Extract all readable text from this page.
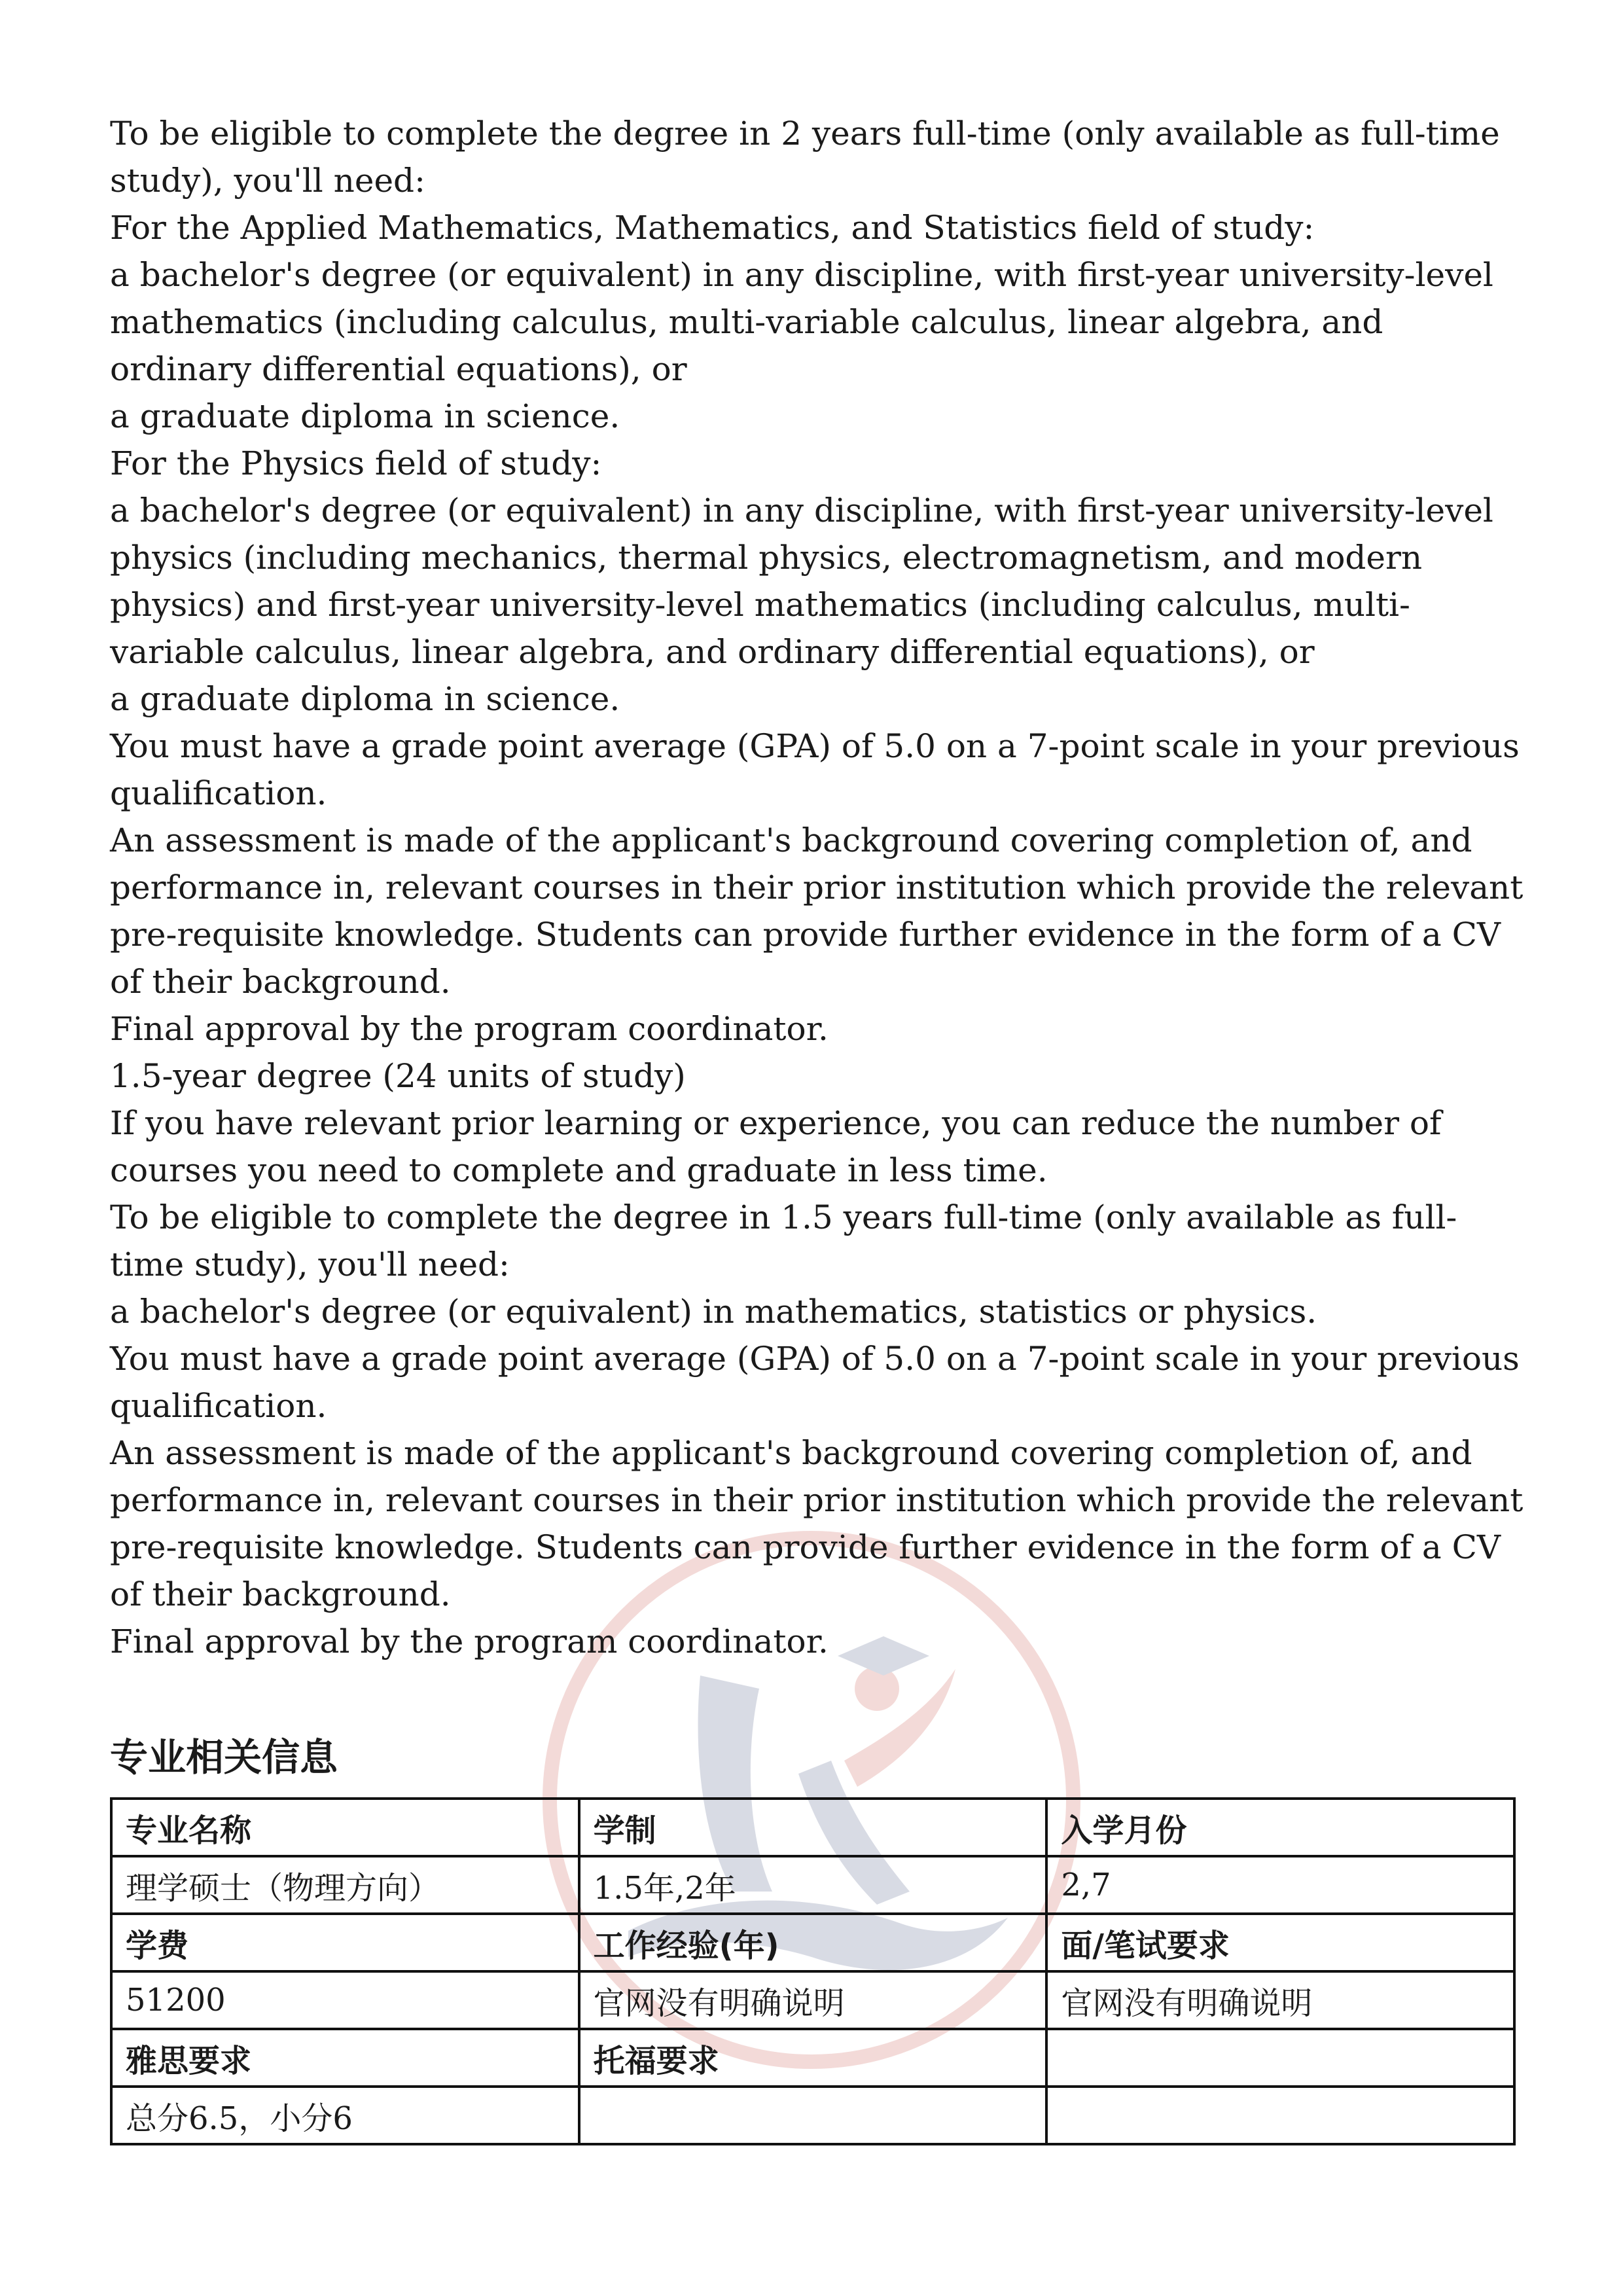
To be eligible to complete the degree in 2 years full-time (only available as full-time study), you'll need:

For the Applied Mathematics, Mathematics, and Statistics field of study:

a bachelor's degree (or equivalent) in any discipline, with first-year university-level mathematics (including calculus, multi-variable calculus, linear algebra, and ordinary differential equations), or

a graduate diploma in science.

For the Physics field of study:

a bachelor's degree (or equivalent) in any discipline, with first-year university-level physics (including mechanics, thermal physics, electromagnetism, and modern physics) and first-year university-level mathematics (including calculus, multi-variable calculus, linear algebra, and ordinary differential equations), or

a graduate diploma in science.

You must have a grade point average (GPA) of 5.0 on a 7-point scale in your previous qualification.

An assessment is made of the applicant's background covering completion of, and performance in, relevant courses in their prior institution which provide the relevant pre-requisite knowledge. Students can provide further evidence in the form of a CV of their background.

Final approval by the program coordinator.

1.5-year degree (24 units of study)

If you have relevant prior learning or experience, you can reduce the number of courses you need to complete and graduate in less time.

To be eligible to complete the degree in 1.5 years full-time (only available as full-time study), you'll need:

a bachelor's degree (or equivalent) in mathematics, statistics or physics.

You must have a grade point average (GPA) of 5.0 on a 7-point scale in your previous qualification.

An assessment is made of the applicant's background covering completion of, and performance in, relevant courses in their prior institution which provide the relevant pre-requisite knowledge. Students can provide further evidence in the form of a CV of their background.

Final approval by the program coordinator.

专业相关信息
专业名称	学制	入学月份
理学硕士（物理方向）	1.5年,2年	2,7
学费	工作经验(年)	面/笔试要求
51200	官网没有明确说明	官网没有明确说明
雅思要求	托福要求	
总分6.5，小分6		
